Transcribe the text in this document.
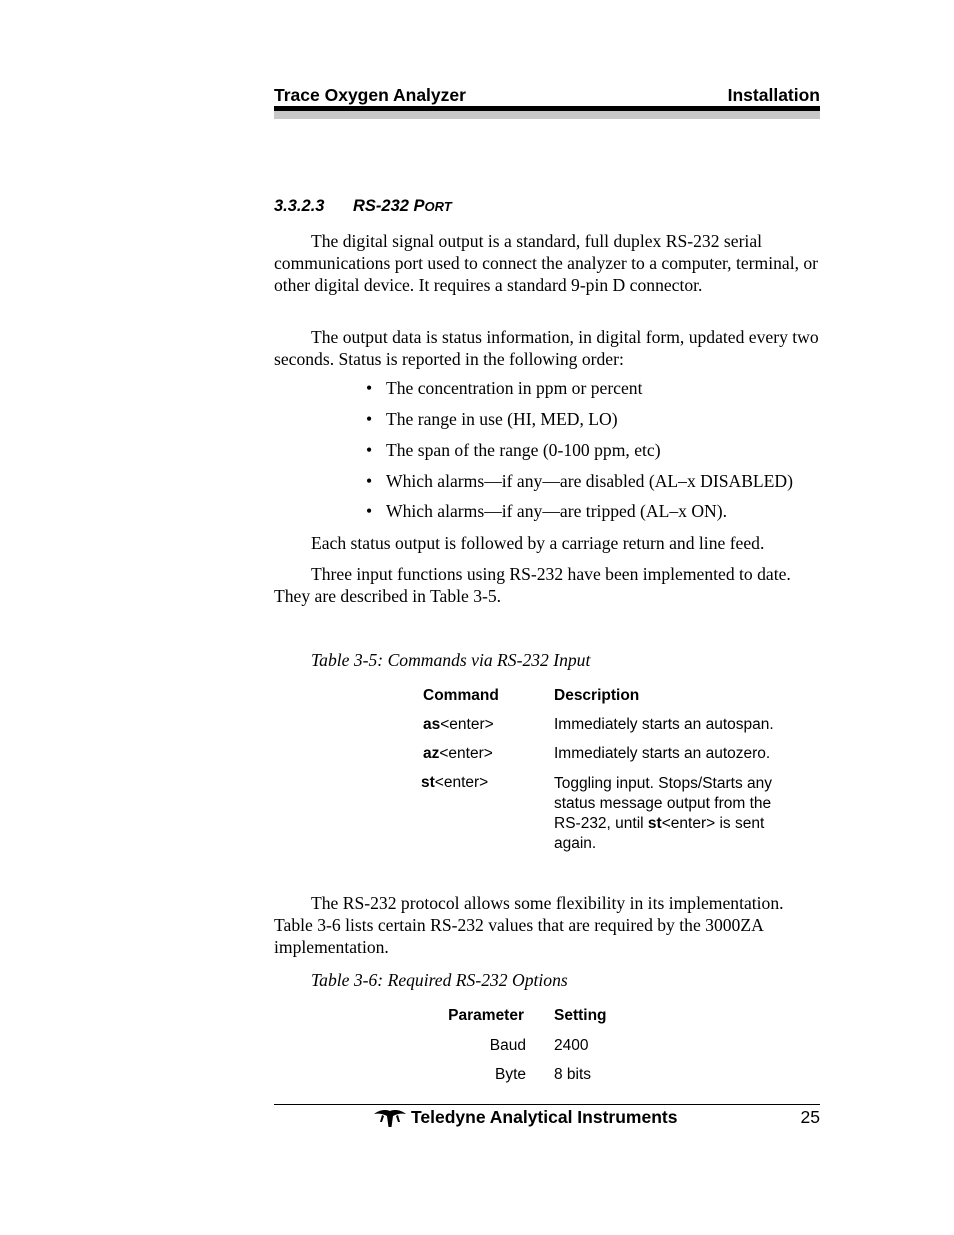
Trace Oxygen Analyzer	Installation
3.3.2.3 RS-232 PORT
The digital signal output is a standard, full duplex RS-232 serial communications port used to connect the analyzer to a computer, terminal, or other digital device. It requires a standard 9-pin D connector.
The output data is status information, in digital form, updated every two seconds. Status is reported in the following order:
• The concentration in ppm or percent
• The range in use (HI, MED, LO)
• The span of the range (0-100 ppm, etc)
• Which alarms—if any—are disabled (AL–x DISABLED)
• Which alarms—if any—are tripped (AL–x ON).
Each status output is followed by a carriage return and line feed.
Three input functions using RS-232 have been implemented to date. They are described in Table 3-5.
Table 3-5: Commands via RS-232 Input
Command	Description
as<enter>	Immediately starts an autospan.
az<enter>	Immediately starts an autozero.
st<enter>	Toggling input. Stops/Starts any
status message output from the
RS-232, until st<enter> is sent
again.
The RS-232 protocol allows some flexibility in its implementation. Table 3-6 lists certain RS-232 values that are required by the 3000ZA implementation.
Table 3-6: Required RS-232 Options
Parameter Setting
Baud 2400
Byte 8 bits
Teledyne Analytical Instruments	25
